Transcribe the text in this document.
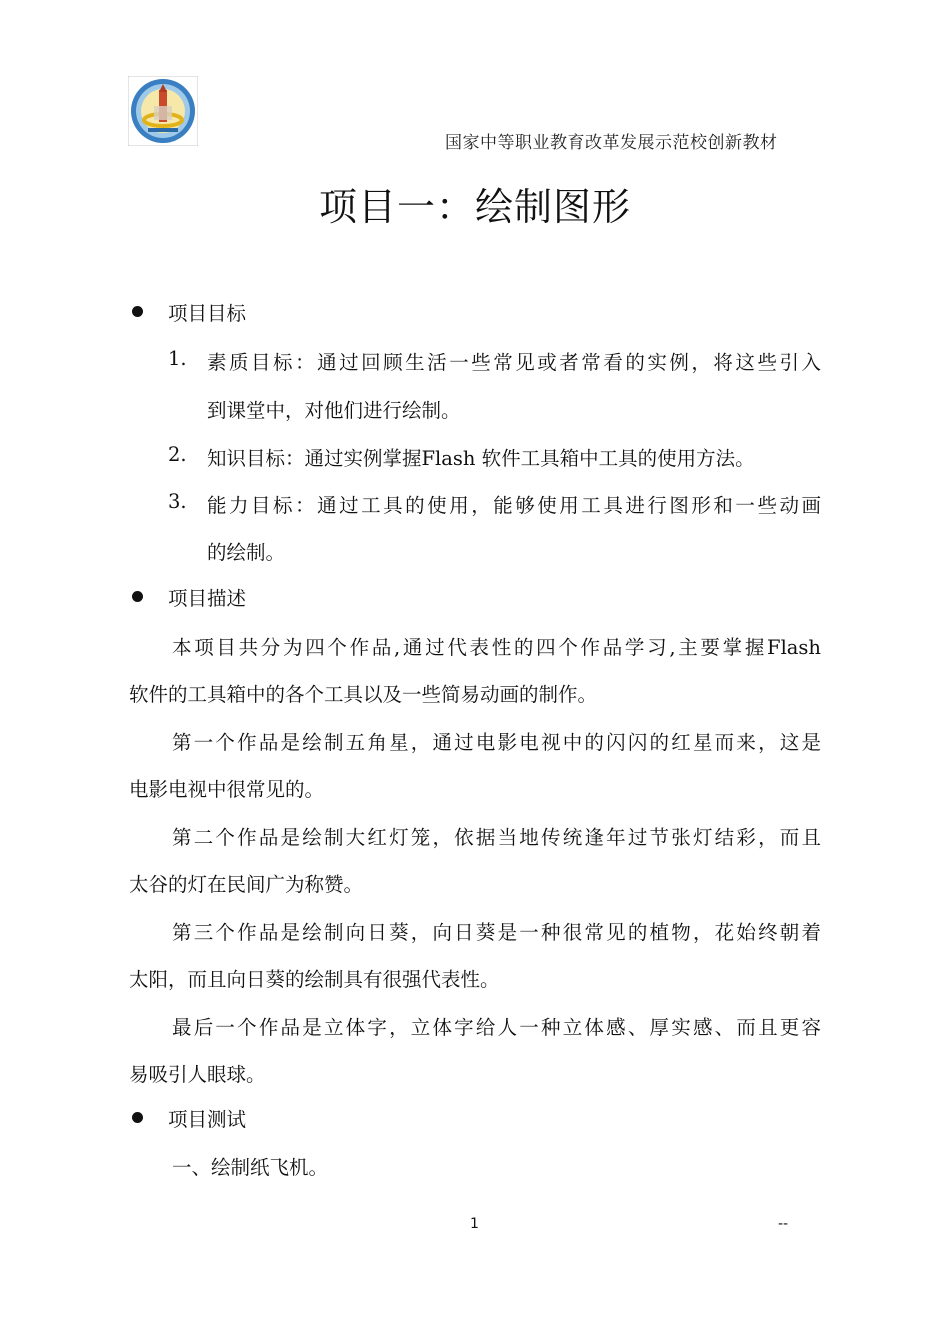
国家中等职业教育改革发展示范校创新教材
项目一：绘制图形
项目目标
1. 素质目标：通过回顾生活一些常见或者常看的实例，将这些引入
到课堂中，对他们进行绘制。
2. 知识目标：通过实例掌握Flash 软件工具箱中工具的使用方法。
3. 能力目标：通过工具的使用，能够使用工具进行图形和一些动画
的绘制。
项目描述
本项目共分为四个作品,通过代表性的四个作品学习,主要掌握Flash
软件的工具箱中的各个工具以及一些简易动画的制作。
第一个作品是绘制五角星，通过电影电视中的闪闪的红星而来，这是
电影电视中很常见的。
第二个作品是绘制大红灯笼，依据当地传统逢年过节张灯结彩，而且
太谷的灯在民间广为称赞。
第三个作品是绘制向日葵，向日葵是一种很常见的植物，花始终朝着
太阳，而且向日葵的绘制具有很强代表性。
最后一个作品是立体字，立体字给人一种立体感、厚实感、而且更容
易吸引人眼球。
项目测试
一、绘制纸飞机。
1	--
